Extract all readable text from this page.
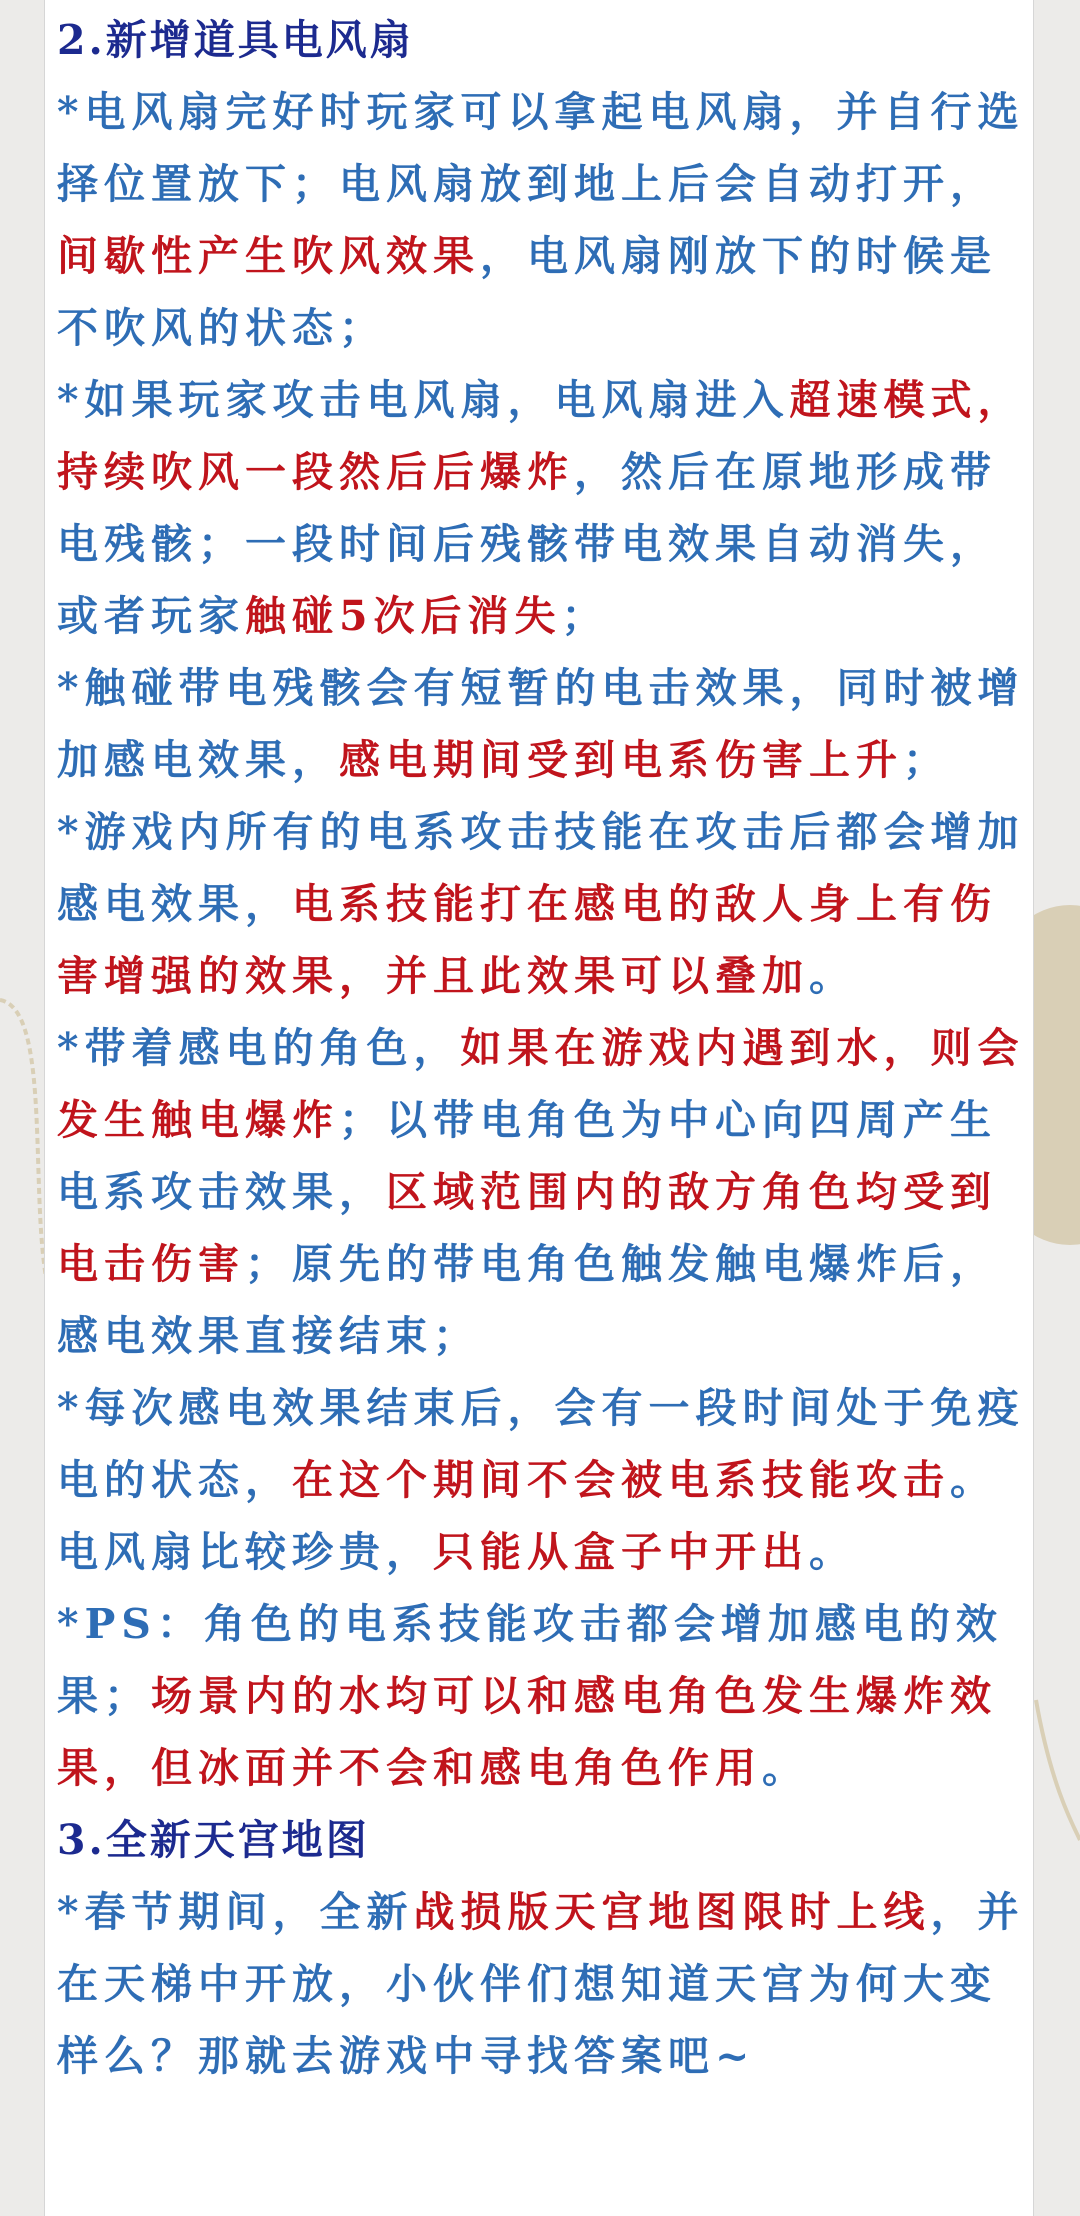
2.新增道具电风扇
*电风扇完好时玩家可以拿起电风扇，并自行选择位置放下；电风扇放到地上后会自动打开，间歇性产生吹风效果，电风扇刚放下的时候是不吹风的状态；
*如果玩家攻击电风扇，电风扇进入超速模式，持续吹风一段然后后爆炸，然后在原地形成带电残骸；一段时间后残骸带电效果自动消失，或者玩家触碰5次后消失；
*触碰带电残骸会有短暂的电击效果，同时被增加感电效果，感电期间受到电系伤害上升；
*游戏内所有的电系攻击技能在攻击后都会增加感电效果，电系技能打在感电的敌人身上有伤害增强的效果，并且此效果可以叠加。
*带着感电的角色，如果在游戏内遇到水，则会发生触电爆炸；以带电角色为中心向四周产生电系攻击效果，区域范围内的敌方角色均受到电击伤害；原先的带电角色触发触电爆炸后，感电效果直接结束；
*每次感电效果结束后，会有一段时间处于免疫电的状态，在这个期间不会被电系技能攻击。
电风扇比较珍贵，只能从盒子中开出。
*PS：角色的电系技能攻击都会增加感电的效果；场景内的水均可以和感电角色发生爆炸效果，但冰面并不会和感电角色作用。
3.全新天宫地图
*春节期间，全新战损版天宫地图限时上线，并在天梯中开放，小伙伴们想知道天宫为何大变样么？那就去游戏中寻找答案吧~
